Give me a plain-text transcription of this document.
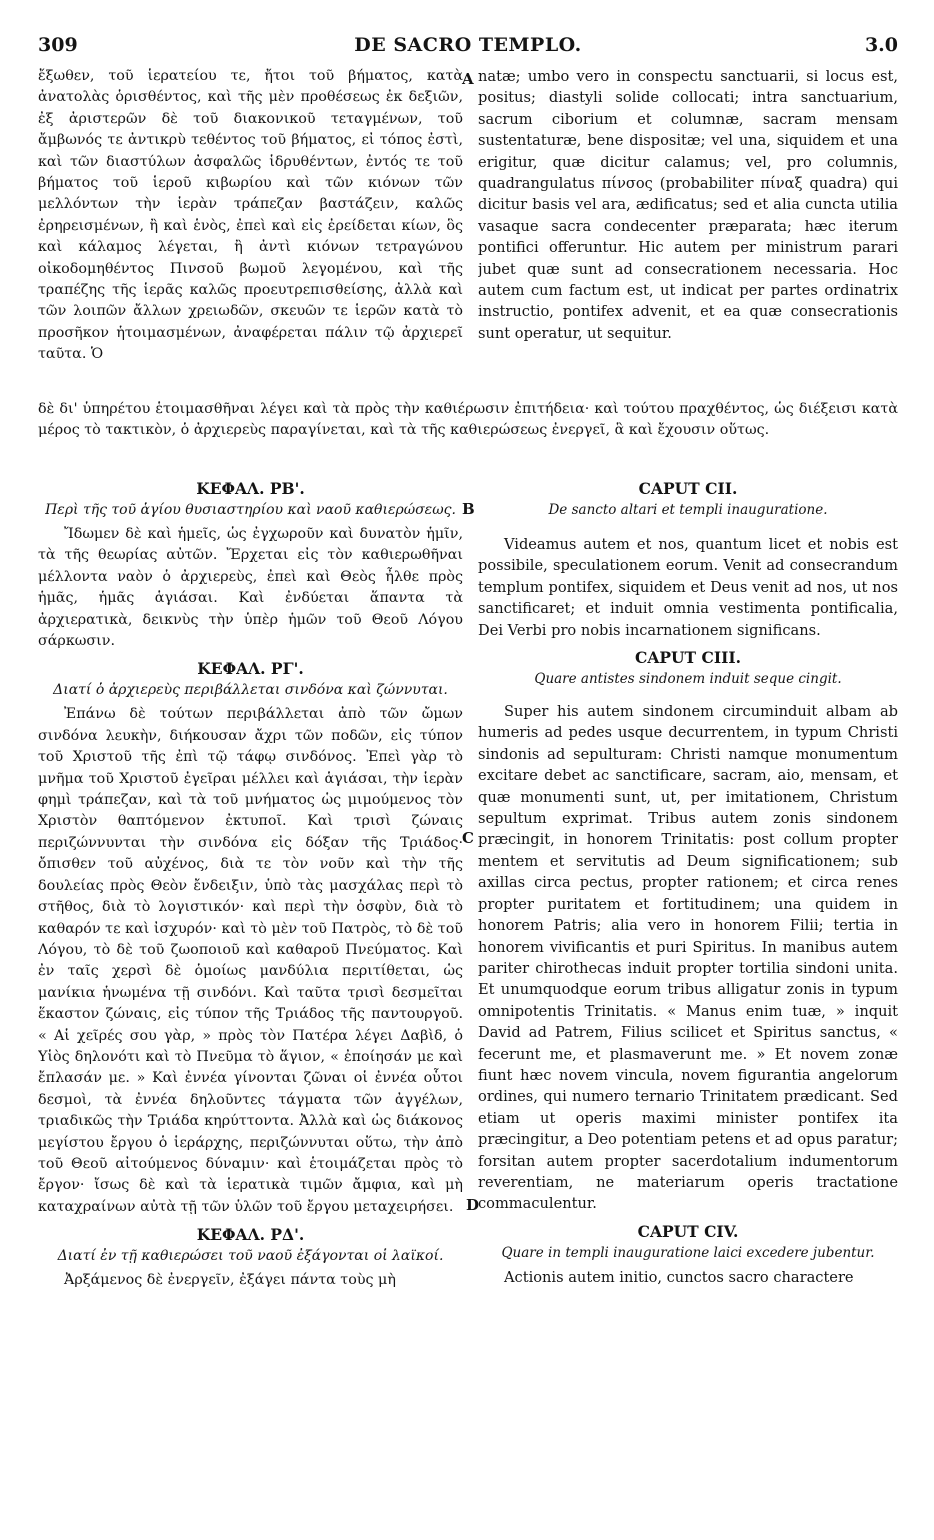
309	DE SACRO TEMPLO.	3.0
A
B
C
D

ἔξωθεν, τοῦ ἱερατείου τε, ἤτοι τοῦ βήματος, κατὰ ἀνατολὰς ὁρισθέντος, καὶ τῆς μὲν προθέσεως ἐκ δεξιῶν, ἐξ ἀριστερῶν δὲ τοῦ διακονικοῦ τεταγμένων, τοῦ ἄμβωνός τε ἀντικρὺ τεθέντος τοῦ βήματος, εἰ τόπος ἐστὶ, καὶ τῶν διαστύλων ἀσφαλῶς ἱδρυθέντων, ἐντός τε τοῦ βήματος τοῦ ἱεροῦ κιβωρίου καὶ τῶν κιόνων τῶν μελλόντων τὴν ἱερὰν τράπεζαν βαστάζειν, καλῶς ἐρηρεισμένων, ἢ καὶ ἑνὸς, ἐπεὶ καὶ εἰς ἐρείδεται κίων, ὃς καὶ κάλαμος λέγεται, ἢ ἀντὶ κιόνων τετραγώνου οἰκοδομηθέντος Πινσοῦ βωμοῦ λεγομένου, καὶ τῆς τραπέζης τῆς ἱερᾶς καλῶς προευτρεπισθείσης, ἀλλὰ καὶ τῶν λοιπῶν ἄλλων χρειωδῶν, σκευῶν τε ἱερῶν κατὰ τὸ προσῆκον ἡτοιμασμένων, ἀναφέρεται πάλιν τῷ ἀρχιερεῖ ταῦτα. Ὁ

natæ; umbo vero in conspectu sanctuarii, si locus est, positus; diastyli solide collocati; intra sanctuarium, sacrum ciborium et columnæ, sacram mensam sustentaturæ, bene dispositæ; vel una, siquidem et una erigitur, quæ dicitur calamus; vel, pro columnis, quadrangulatus πίνσος (probabiliter πίναξ quadra) qui dicitur basis vel ara, ædificatus; sed et alia cuncta utilia vasaque sacra condecenter præparata; hæc iterum pontifici offeruntur. Hic autem per ministrum parari jubet quæ sunt ad consecrationem necessaria. Hoc autem cum factum est, ut indicat per partes ordinatrix instructio, pontifex advenit, et ea quæ consecrationis sunt operatur, ut sequitur.

δὲ δι' ὑπηρέτου ἑτοιμασθῆναι λέγει καὶ τὰ πρὸς τὴν καθιέρωσιν ἐπιτήδεια· καὶ τούτου πραχθέντος, ὡς διέξεισι κατὰ μέρος τὸ τακτικὸν, ὁ ἀρχιερεὺς παραγίνεται, καὶ τὰ τῆς καθιερώσεως ἐνεργεῖ, ἃ καὶ ἔχουσιν οὕτως.

ΚΕΦΑΛ. ΡΒ'.

Περὶ τῆς τοῦ ἁγίου θυσιαστηρίου καὶ ναοῦ καθιερώσεως.

Ἴδωμεν δὲ καὶ ἡμεῖς, ὡς ἐγχωροῦν καὶ δυνατὸν ἡμῖν, τὰ τῆς θεωρίας αὐτῶν. Ἔρχεται εἰς τὸν καθιερωθῆναι μέλλοντα ναὸν ὁ ἀρχιερεὺς, ἐπεὶ καὶ Θεὸς ἦλθε πρὸς ἡμᾶς, ἡμᾶς ἁγιάσαι. Καὶ ἐνδύεται ἅπαντα τὰ ἀρχιερατικὰ, δεικνὺς τὴν ὑπὲρ ἡμῶν τοῦ Θεοῦ Λόγου σάρκωσιν.

ΚΕΦΑΛ. ΡΓ'.

Διατί ὁ ἀρχιερεὺς περιβάλλεται σινδόνα καὶ ζώννυται.

Ἐπάνω δὲ τούτων περιβάλλεται ἀπὸ τῶν ὤμων σινδόνα λευκὴν, διήκουσαν ἄχρι τῶν ποδῶν, εἰς τύπον τοῦ Χριστοῦ τῆς ἐπὶ τῷ τάφῳ σινδόνος. Ἐπεὶ γὰρ τὸ μνῆμα τοῦ Χριστοῦ ἐγεῖραι μέλλει καὶ ἁγιάσαι, τὴν ἱερὰν φημὶ τράπεζαν, καὶ τὰ τοῦ μνήματος ὡς μιμούμενος τὸν Χριστὸν θαπτόμενον ἐκτυποῖ. Καὶ τρισὶ ζώναις περιζώννυνται τὴν σινδόνα εἰς δόξαν τῆς Τριάδος· ὄπισθεν τοῦ αὐχένος, διὰ τε τὸν νοῦν καὶ τὴν τῆς δουλείας πρὸς Θεὸν ἔνδειξιν, ὑπὸ τὰς μασχάλας περὶ τὸ στῆθος, διὰ τὸ λογιστικόν· καὶ περὶ τὴν ὀσφὺν, διὰ τὸ καθαρόν τε καὶ ἰσχυρόν· καὶ τὸ μὲν τοῦ Πατρὸς, τὸ δὲ τοῦ Λόγου, τὸ δὲ τοῦ ζωοποιοῦ καὶ καθαροῦ Πνεύματος. Καὶ ἐν ταῖς χερσὶ δὲ ὁμοίως μανδύλια περιτίθεται, ὡς μανίκια ἡνωμένα τῇ σινδόνι. Καὶ ταῦτα τρισὶ δεσμεῖται ἕκαστον ζώναις, εἰς τύπον τῆς Τριάδος τῆς παντουργοῦ. « Αἱ χεῖρές σου γὰρ, » πρὸς τὸν Πατέρα λέγει Δαβὶδ, ὁ Υἱὸς δηλονότι καὶ τὸ Πνεῦμα τὸ ἅγιον, « ἐποίησάν με καὶ ἔπλασάν με. » Καὶ ἐννέα γίνονται ζῶναι οἱ ἐννέα οὗτοι δεσμοὶ, τὰ ἐννέα δηλοῦντες τάγματα τῶν ἀγγέλων, τριαδικῶς τὴν Τριάδα κηρύττοντα. Ἀλλὰ καὶ ὡς διάκονος μεγίστου ἔργου ὁ ἱεράρχης, περιζώννυται οὕτω, τὴν ἀπὸ τοῦ Θεοῦ αἰτούμενος δύναμιν· καὶ ἑτοιμάζεται πρὸς τὸ ἔργον· ἴσως δὲ καὶ τὰ ἱερατικὰ τιμῶν ἄμφια, καὶ μὴ καταχραίνων αὐτὰ τῇ τῶν ὑλῶν τοῦ ἔργου μεταχειρήσει.

ΚΕΦΑΛ. ΡΔ'.

Διατί ἐν τῇ καθιερώσει τοῦ ναοῦ ἐξάγονται οἱ λαϊκοί.

Ἀρξάμενος δὲ ἐνεργεῖν, ἐξάγει πάντα τοὺς μὴ

CAPUT CII.

De sancto altari et templi inauguratione.

Videamus autem et nos, quantum licet et nobis est possibile, speculationem eorum. Venit ad consecrandum templum pontifex, siquidem et Deus venit ad nos, ut nos sanctificaret; et induit omnia vestimenta pontificalia, Dei Verbi pro nobis incarnationem significans.

CAPUT CIII.

Quare antistes sindonem induit seque cingit.

Super his autem sindonem circuminduit albam ab humeris ad pedes usque decurrentem, in typum Christi sindonis ad sepulturam: Christi namque monumentum excitare debet ac sanctificare, sacram, aio, mensam, et quæ monumenti sunt, ut, per imitationem, Christum sepultum exprimat. Tribus autem zonis sindonem præcingit, in honorem Trinitatis: post collum propter mentem et servitutis ad Deum significationem; sub axillas circa pectus, propter rationem; et circa renes propter puritatem et fortitudinem; una quidem in honorem Patris; alia vero in honorem Filii; tertia in honorem vivificantis et puri Spiritus. In manibus autem pariter chirothecas induit propter tortilia sindoni unita. Et unumquodque eorum tribus alligatur zonis in typum omnipotentis Trinitatis. « Manus enim tuæ, » inquit David ad Patrem, Filius scilicet et Spiritus sanctus, « fecerunt me, et plasmaverunt me. » Et novem zonæ fiunt hæc novem vincula, novem figurantia angelorum ordines, qui numero ternario Trinitatem prædicant. Sed etiam ut operis maximi minister pontifex ita præcingitur, a Deo potentiam petens et ad opus paratur; forsitan autem propter sacerdotalium indumentorum reverentiam, ne materiarum operis tractatione commaculentur.

CAPUT CIV.

Quare in templi inauguratione laici excedere jubentur.

Actionis autem initio, cunctos sacro charactere
